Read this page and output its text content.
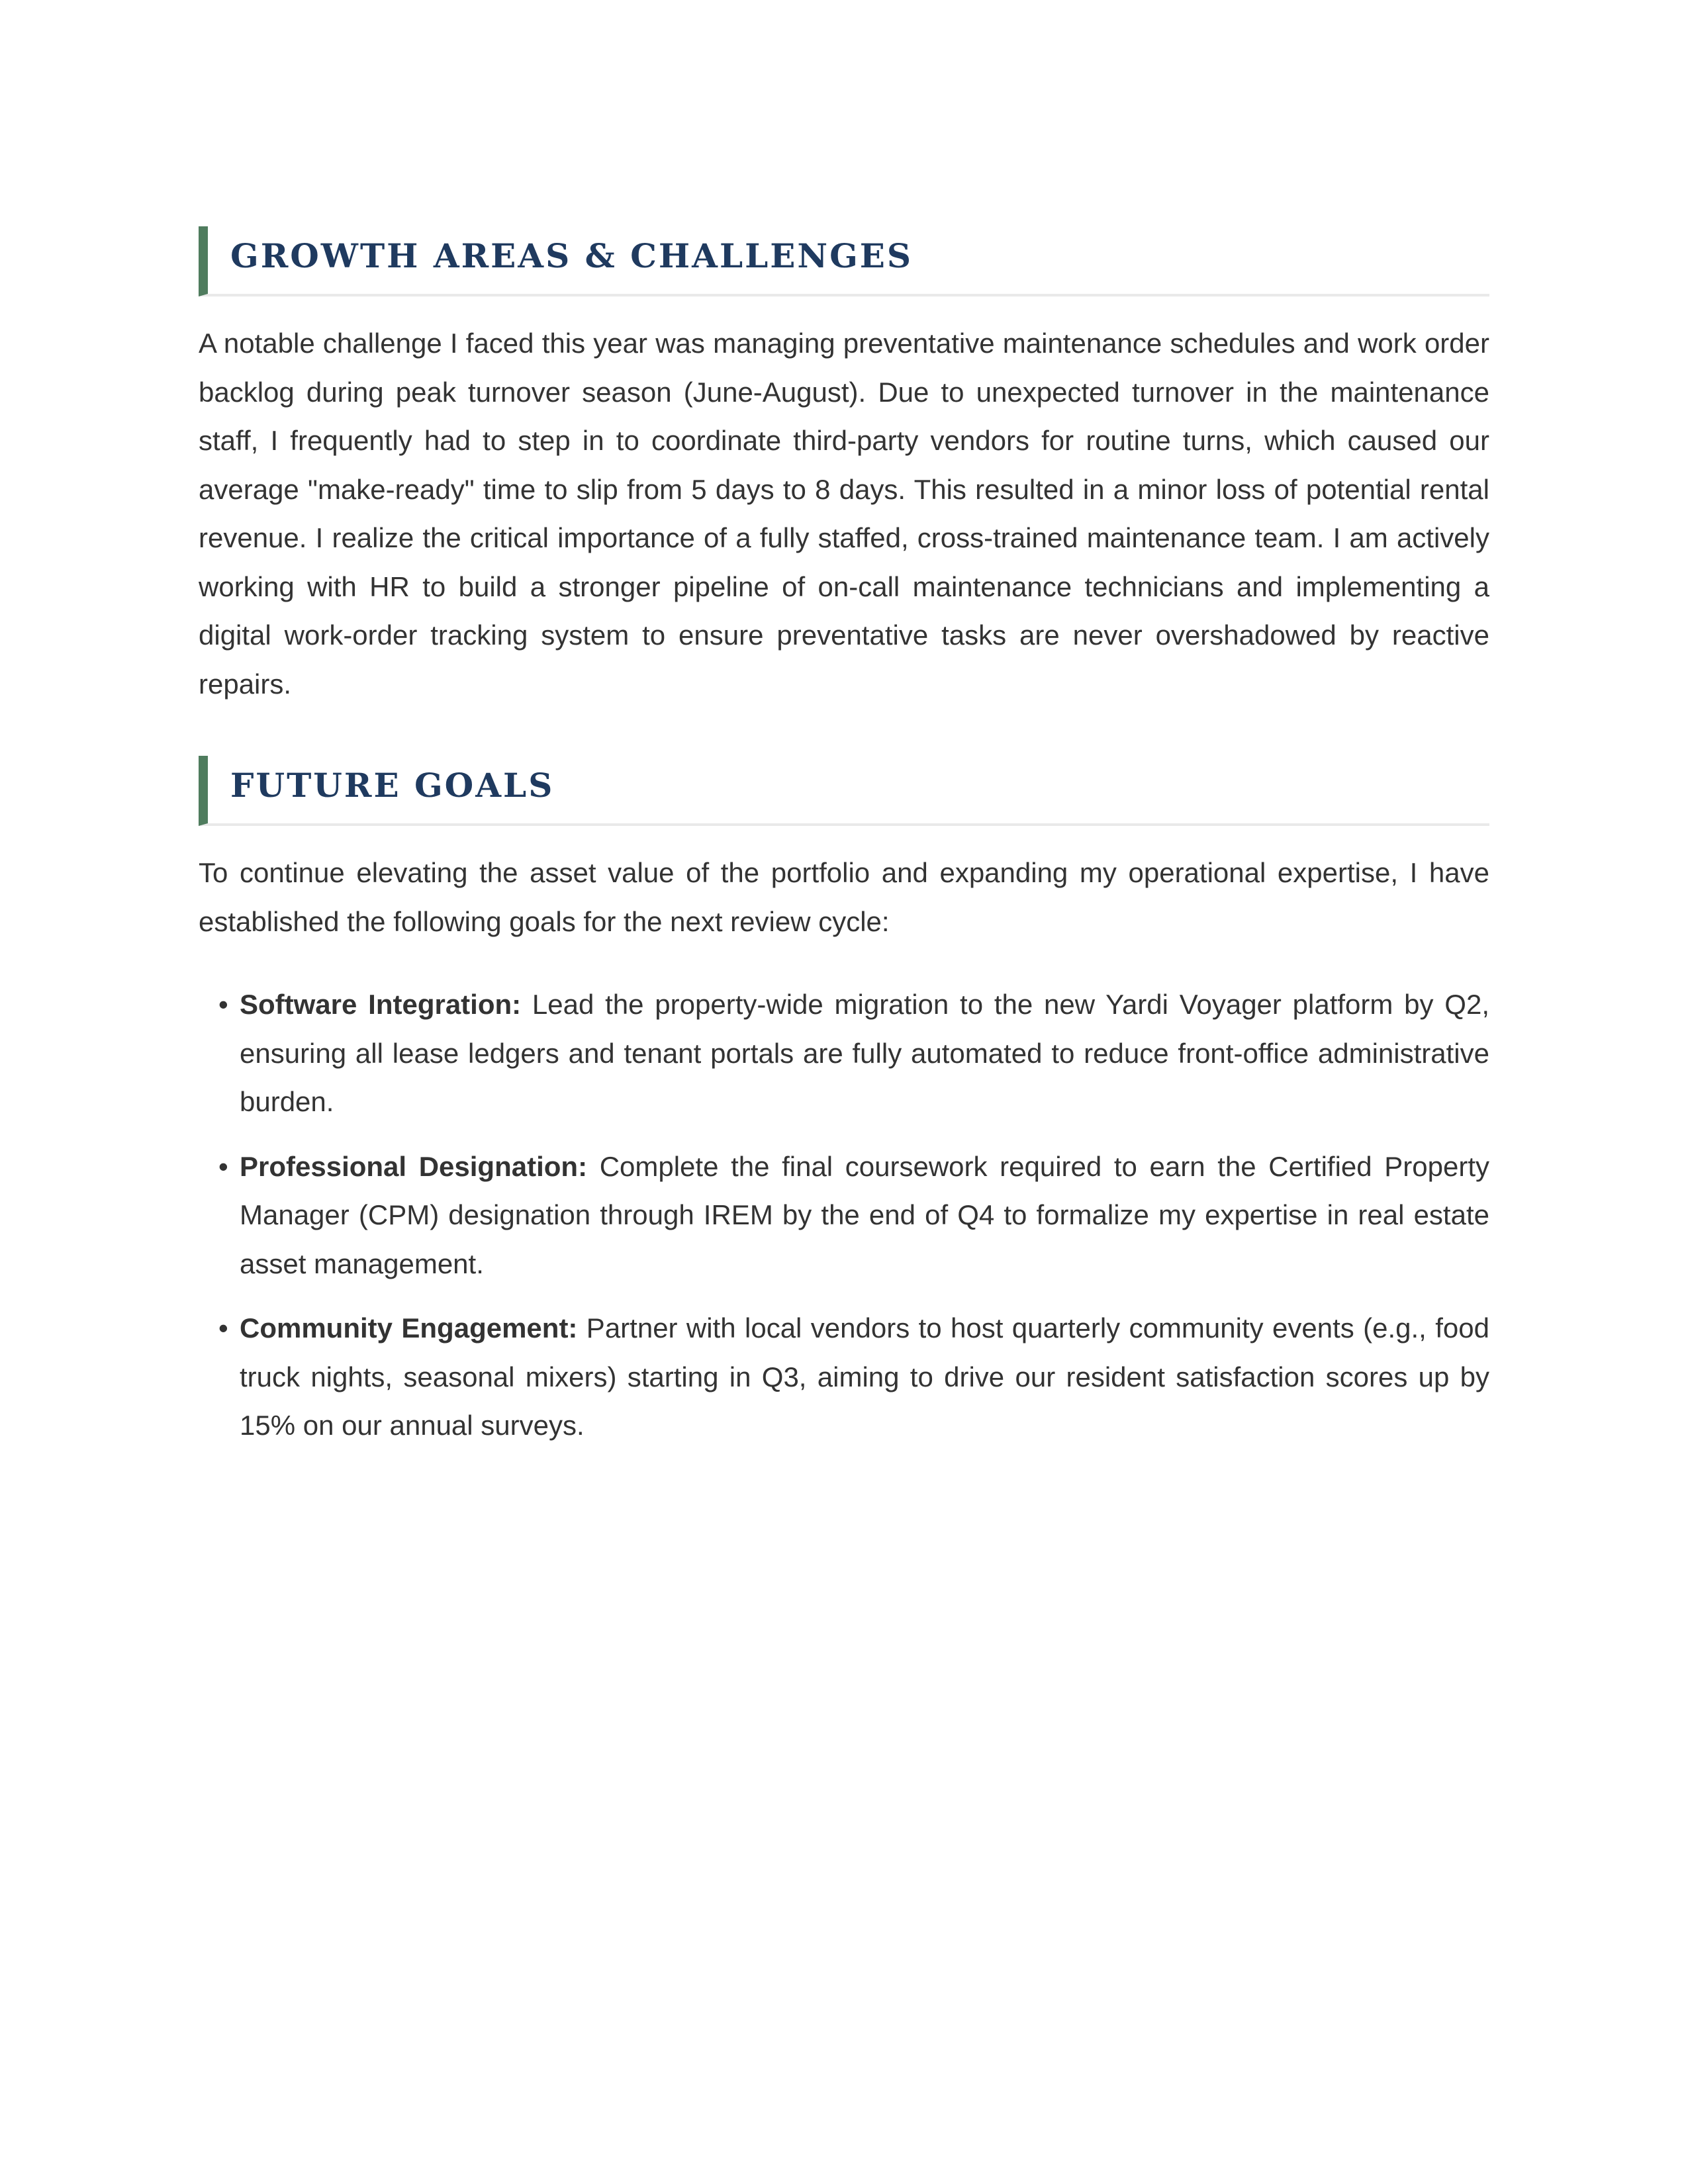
GROWTH AREAS & CHALLENGES

A notable challenge I faced this year was managing preventative maintenance schedules and work order backlog during peak turnover season (June-August). Due to unexpected turnover in the maintenance staff, I frequently had to step in to coordinate third-party vendors for routine turns, which caused our average "make-ready" time to slip from 5 days to 8 days. This resulted in a minor loss of potential rental revenue. I realize the critical importance of a fully staffed, cross-trained maintenance team. I am actively working with HR to build a stronger pipeline of on-call maintenance technicians and implementing a digital work-order tracking system to ensure preventative tasks are never overshadowed by reactive repairs.

FUTURE GOALS

To continue elevating the asset value of the portfolio and expanding my operational expertise, I have established the following goals for the next review cycle:

• Software Integration: Lead the property-wide migration to the new Yardi Voyager platform by Q2, ensuring all lease ledgers and tenant portals are fully automated to reduce front-office administrative burden.
• Professional Designation: Complete the final coursework required to earn the Certified Property Manager (CPM) designation through IREM by the end of Q4 to formalize my expertise in real estate asset management.
• Community Engagement: Partner with local vendors to host quarterly community events (e.g., food truck nights, seasonal mixers) starting in Q3, aiming to drive our resident satisfaction scores up by 15% on our annual surveys.
